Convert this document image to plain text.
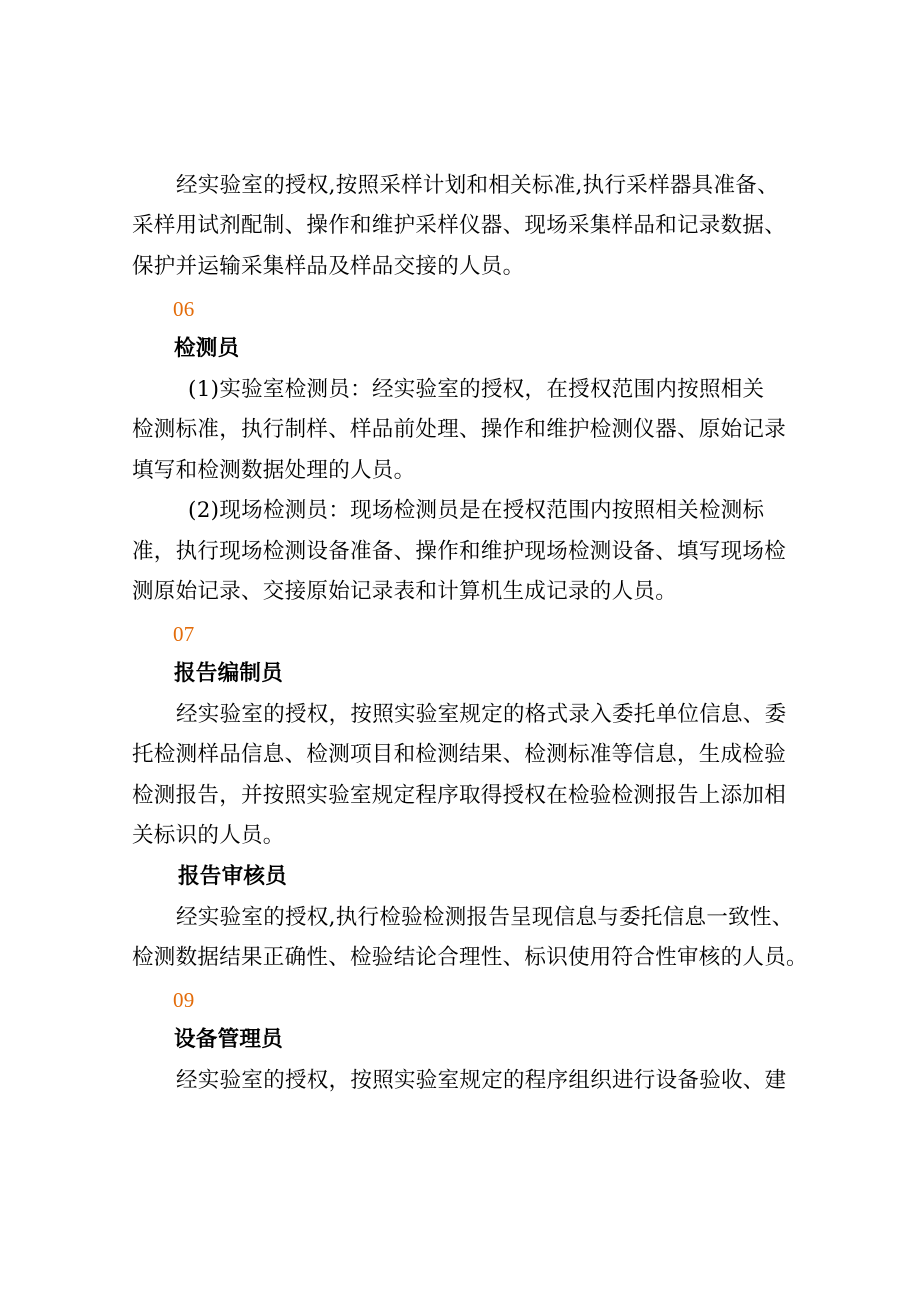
经实验室的授权,按照采样计划和相关标准,执行采样器具准备、
采样用试剂配制、操作和维护采样仪器、现场采集样品和记录数据、
保护并运输采集样品及样品交接的人员。
06
检测员
(1)实验室检测员：经实验室的授权，在授权范围内按照相关
检测标准，执行制样、样品前处理、操作和维护检测仪器、原始记录
填写和检测数据处理的人员。
(2)现场检测员：现场检测员是在授权范围内按照相关检测标
准，执行现场检测设备准备、操作和维护现场检测设备、填写现场检
测原始记录、交接原始记录表和计算机生成记录的人员。
07
报告编制员
经实验室的授权，按照实验室规定的格式录入委托单位信息、委
托检测样品信息、检测项目和检测结果、检测标准等信息，生成检验
检测报告，并按照实验室规定程序取得授权在检验检测报告上添加相
关标识的人员。
报告审核员
经实验室的授权,执行检验检测报告呈现信息与委托信息一致性、
检测数据结果正确性、检验结论合理性、标识使用符合性审核的人员。
09
设备管理员
经实验室的授权，按照实验室规定的程序组织进行设备验收、建
